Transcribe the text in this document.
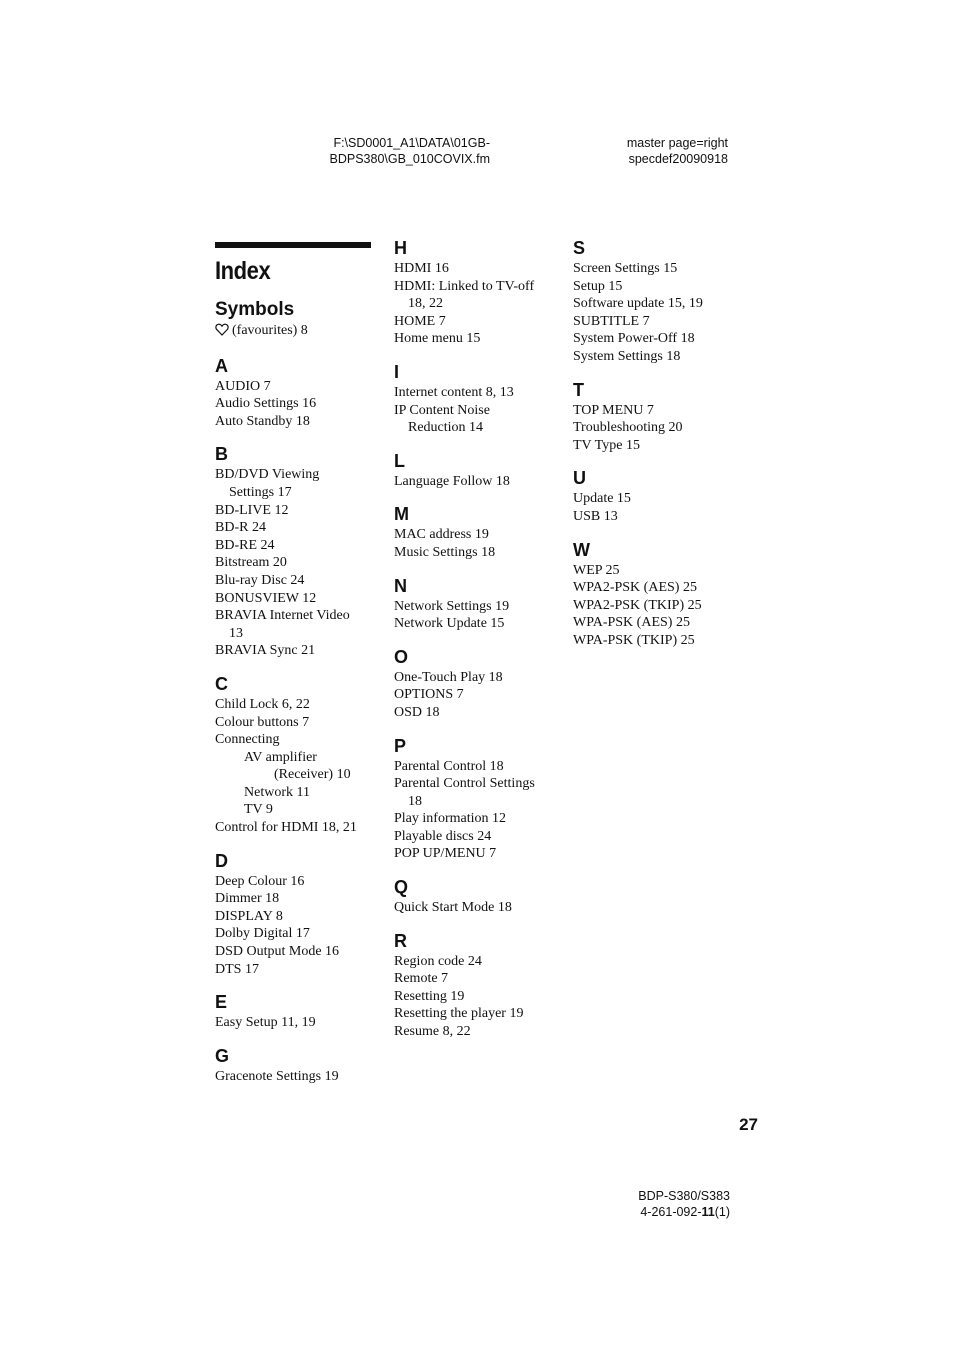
F:\SD0001_A1\DATA\01GB-
BDPS380\GB_010COVIX.fm
master page=right
specdef20090918
Index
Symbols
(favourites) 8
A
AUDIO 7
Audio Settings 16
Auto Standby 18
B
BD/DVD Viewing
Settings 17
BD-LIVE 12
BD-R 24
BD-RE 24
Bitstream 20
Blu-ray Disc 24
BONUSVIEW 12
BRAVIA Internet Video
13
BRAVIA Sync 21
C
Child Lock 6, 22
Colour buttons 7
Connecting
AV amplifier
(Receiver) 10
Network 11
TV 9
Control for HDMI 18, 21
D
Deep Colour 16
Dimmer 18
DISPLAY 8
Dolby Digital 17
DSD Output Mode 16
DTS 17
E
Easy Setup 11, 19
G
Gracenote Settings 19
H
HDMI 16
HDMI: Linked to TV-off
18, 22
HOME 7
Home menu 15
I
Internet content 8, 13
IP Content Noise
Reduction 14
L
Language Follow 18
M
MAC address 19
Music Settings 18
N
Network Settings 19
Network Update 15
O
One-Touch Play 18
OPTIONS 7
OSD 18
P
Parental Control 18
Parental Control Settings
18
Play information 12
Playable discs 24
POP UP/MENU 7
Q
Quick Start Mode 18
R
Region code 24
Remote 7
Resetting 19
Resetting the player 19
Resume 8, 22
S
Screen Settings 15
Setup 15
Software update 15, 19
SUBTITLE 7
System Power-Off 18
System Settings 18
T
TOP MENU 7
Troubleshooting 20
TV Type 15
U
Update 15
USB 13
W
WEP 25
WPA2-PSK (AES) 25
WPA2-PSK (TKIP) 25
WPA-PSK (AES) 25
WPA-PSK (TKIP) 25
27
BDP-S380/S383
4-261-092-11(1)
